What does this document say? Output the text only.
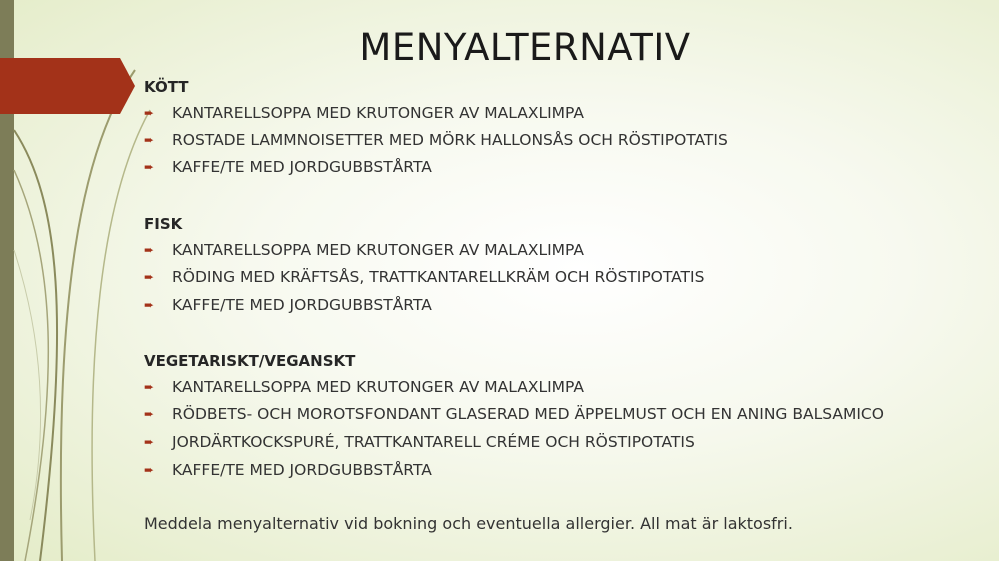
MENYALTERNATIV
KÖTT
➨ KANTARELLSOPPA MED KRUTONGER AV MALAXLIMPA
➨ ROSTADE LAMMNOISETTER MED MÖRK HALLONSÅS OCH RÖSTIPOTATIS
➨ KAFFE/TE MED JORDGUBBSTÅRTA
FISK
➨ KANTARELLSOPPA MED KRUTONGER AV MALAXLIMPA
➨ RÖDING MED KRÄFTSÅS, TRATTKANTARELLKRÄM OCH RÖSTIPOTATIS
➨ KAFFE/TE MED JORDGUBBSTÅRTA
VEGETARISKT/VEGANSKT
➨ KANTARELLSOPPA MED KRUTONGER AV MALAXLIMPA
➨ RÖDBETS- OCH MOROTSFONDANT GLASERAD MED ÄPPELMUST OCH EN ANING BALSAMICO
➨ JORDÄRTKOCKSPURÉ, TRATTKANTARELL CRÉME OCH RÖSTIPOTATIS
➨ KAFFE/TE MED JORDGUBBSTÅRTA
Meddela menyalternativ vid bokning och eventuella allergier. All mat är laktosfri.
